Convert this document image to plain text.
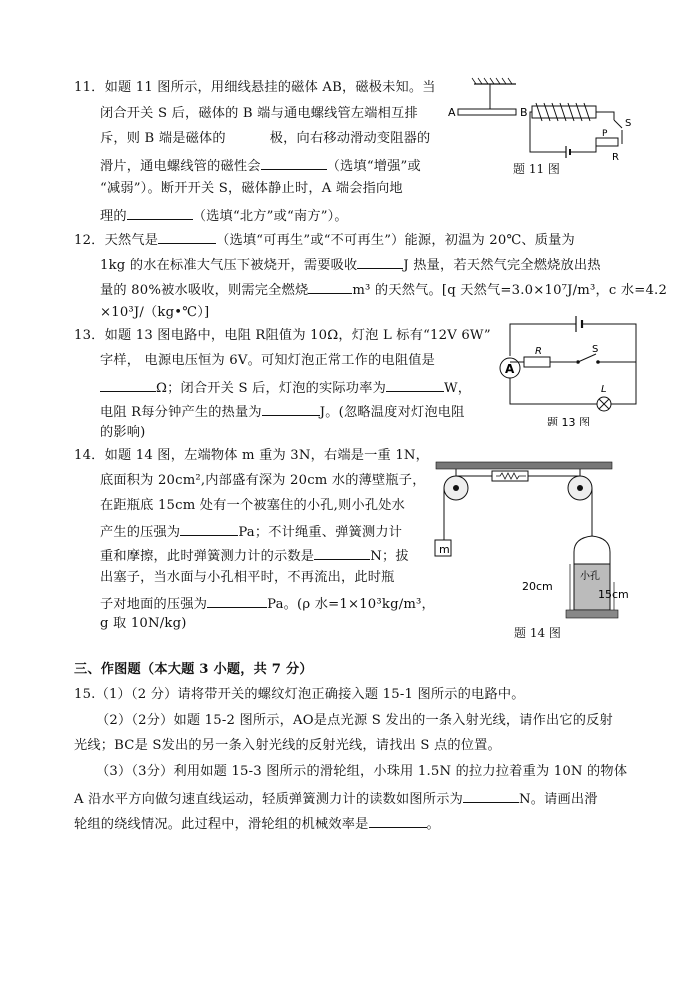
11．如题 11 图所示，用细线悬挂的磁体 AB，磁极未知。当
闭合开关 S 后，磁体的 B 端与通电螺线管左端相互排
斥，则 B 端是磁体的	极，向右移动滑动变阻器的
滑片，通电螺线管的磁性会	（选填“增强”或
“减弱”）。断开开关 S，磁体静止时，A 端会指向地
理的	（选填“北方”或“南方”）。
A	B
S
P
R
题 11 图
12．天然气是	（选填“可再生”或“不可再生”）能源，初温为 20℃、质量为
1kg 的水在标准大气压下被烧开，需要吸收	J 热量，若天然气完全燃烧放出热
量的 80%被水吸收，则需完全燃烧	m³ 的天然气。[q 天然气=3.0×10⁷J/m³，c 水=4.2
×10³J/（kg•℃）]
13．如题 13 图电路中，电阻 R阻值为 10Ω，灯泡 L 标有“12V 6W”
字样， 电源电压恒为 6V。可知灯泡正常工作的电阻值是
Ω；闭合开关 S 后，灯泡的实际功率为	W，
电阻 R每分钟产生的热量为	J。(忽略温度对灯泡电阻
的影响)
A
R	S
L
题 13 图
14．如题 14 图，左端物体 m 重为 3N，右端是一重 1N，
底面积为 20cm²,内部盛有深为 20cm 水的薄壁瓶子，
在距瓶底 15cm 处有一个被塞住的小孔,则小孔处水
产生的压强为	Pa；不计绳重、弹簧测力计
重和摩擦，此时弹簧测力计的示数是	N；拔
出塞子，当水面与小孔相平时，不再流出，此时瓶
子对地面的压强为	Pa。(ρ 水=1×10³kg/m³，
g 取 10N/kg)
m
小孔
20cm
15cm
题 14 图
三、作图题（本大题 3 小题，共 7 分）
15.（1）（2 分）请将带开关的螺纹灯泡正确接入题 15-1 图所示的电路中。
（2）（2分）如题 15-2 图所示，AO是点光源 S 发出的一条入射光线，请作出它的反射
光线；BC是 S发出的另一条入射光线的反射光线，请找出 S 点的位置。
（3）（3分）利用如题 15-3 图所示的滑轮组，小珠用 1.5N 的拉力拉着重为 10N 的物体
A 沿水平方向做匀速直线运动，轻质弹簧测力计的读数如图所示为	N。请画出滑
轮组的绕线情况。此过程中，滑轮组的机械效率是	。
